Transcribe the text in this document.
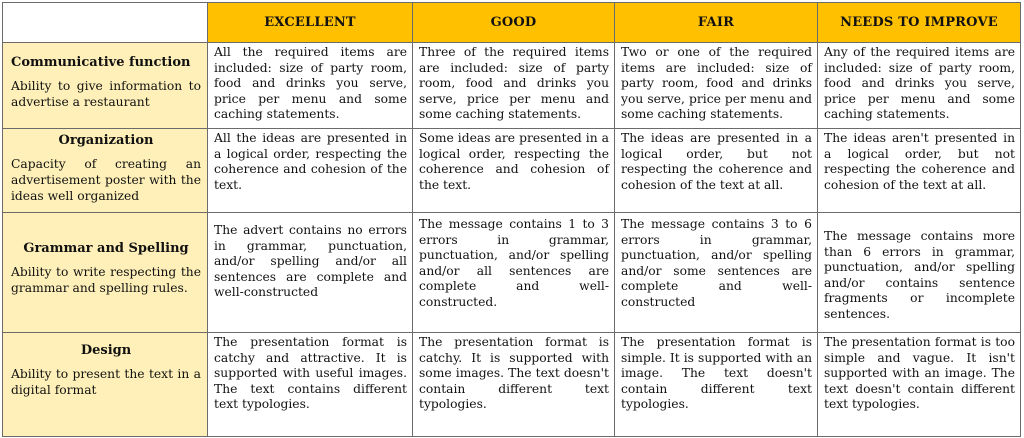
	EXCELLENT	GOOD	FAIR	NEEDS TO IMPROVE

Communicative function
Ability to give information to advertise a restaurant	All the required items are included: size of party room, food and drinks you serve, price per menu and some caching statements.	Three of the required items are included: size of party room, food and drinks you serve, price per menu and some caching statements.	Two or one of the required items are included: size of party room, food and drinks you serve, price per menu and some caching statements.	Any of the required items are included: size of party room, food and drinks you serve, price per menu and some caching statements.

Organization
Capacity of creating an advertisement poster with the ideas well organized	All the ideas are presented in a logical order, respecting the coherence and cohesion of the text.	Some ideas are presented in a logical order, respecting the coherence and cohesion of the text.	The ideas are presented in a logical order, but not respecting the coherence and cohesion of the text at all.	The ideas aren't presented in a logical order, but not respecting the coherence and cohesion of the text at all.

Grammar and Spelling
Ability to write respecting the grammar and spelling rules.	The advert contains no errors in grammar, punctuation, and/or spelling and/or all sentences are complete and well-constructed	The message contains 1 to 3 errors in grammar, punctuation, and/or spelling and/or all sentences are complete and well-constructed.	The message contains 3 to 6 errors in grammar, punctuation, and/or spelling and/or some sentences are complete and well-constructed	The message contains more than 6 errors in grammar, punctuation, and/or spelling and/or contains sentence fragments or incomplete sentences.

Design
Ability to present the text in a digital format	The presentation format is catchy and attractive. It is supported with useful images. The text contains different text typologies.	The presentation format is catchy. It is supported with some images. The text doesn't contain different text typologies.	The presentation format is simple. It is supported with an image. The text doesn't contain different text typologies.	The presentation format is too simple and vague. It isn't supported with an image. The text doesn't contain different text typologies.
